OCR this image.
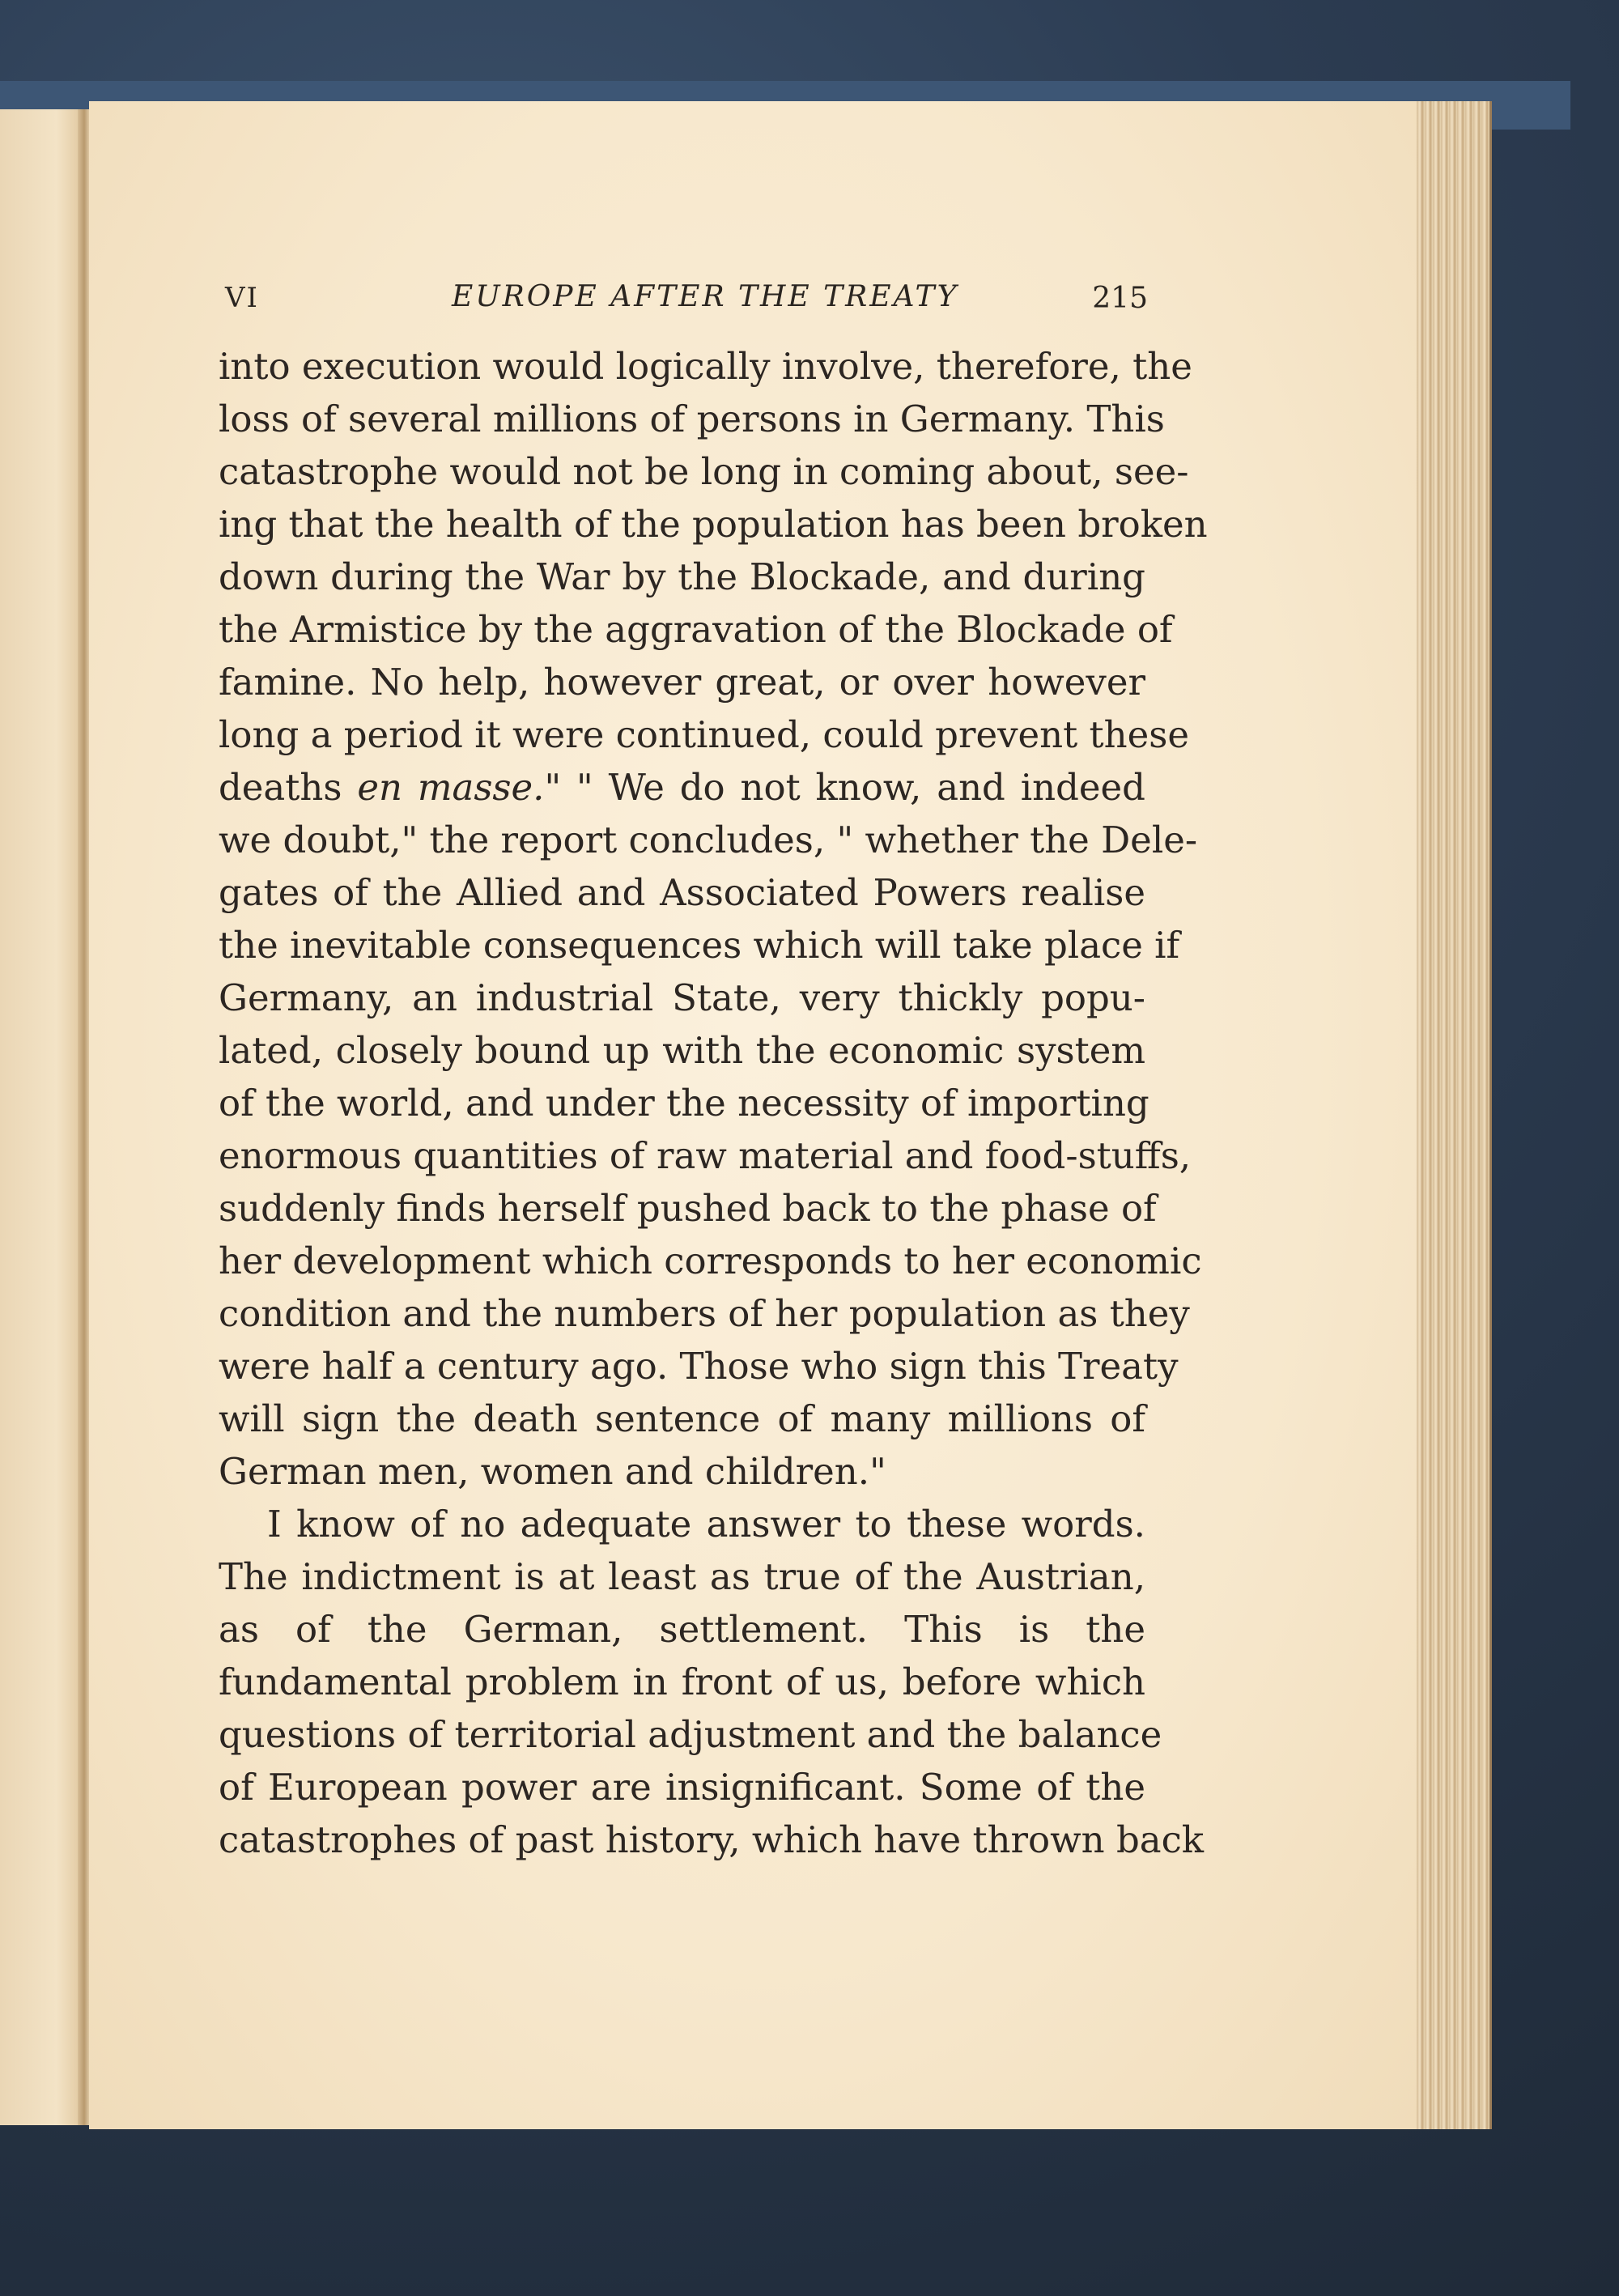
VI	EUROPE AFTER THE TREATY	215
into execution would logically involve, therefore, the
loss of several millions of persons in Germany. This
catastrophe would not be long in coming about, see-
ing that the health of the population has been broken
down during the War by the Blockade, and during
the Armistice by the aggravation of the Blockade of
famine. No help, however great, or over however
long a period it were continued, could prevent these
deaths en masse." " We do not know, and indeed
we doubt," the report concludes, " whether the Dele-
gates of the Allied and Associated Powers realise
the inevitable consequences which will take place if
Germany, an industrial State, very thickly popu-
lated, closely bound up with the economic system
of the world, and under the necessity of importing
enormous quantities of raw material and food-stuffs,
suddenly finds herself pushed back to the phase of
her development which corresponds to her economic
condition and the numbers of her population as they
were half a century ago. Those who sign this Treaty
will sign the death sentence of many millions of
German men, women and children."
I know of no adequate answer to these words.
The indictment is at least as true of the Austrian,
as of the German, settlement. This is the
fundamental problem in front of us, before which
questions of territorial adjustment and the balance
of European power are insignificant. Some of the
catastrophes of past history, which have thrown back
